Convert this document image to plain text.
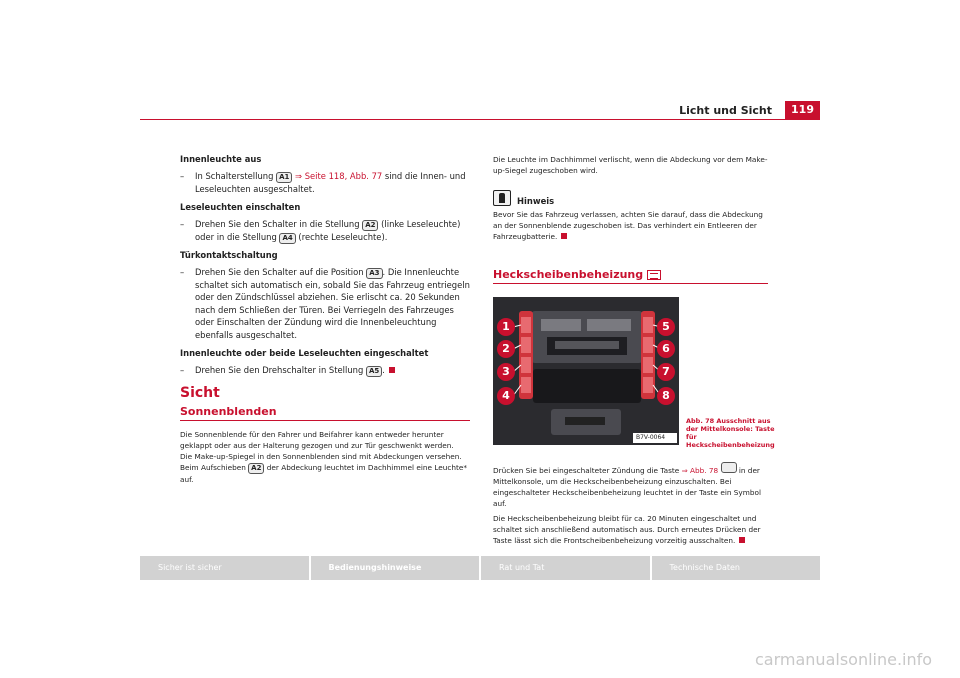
Licht und Sicht	119
Innenleuchte aus
– In Schalterstellung A1 ⇒ Seite 118, Abb. 77 sind die Innen- und Leseleuchten ausgeschaltet.
Leseleuchten einschalten
– Drehen Sie den Schalter in die Stellung A2 (linke Leseleuchte) oder in die Stellung A4 (rechte Leseleuchte).
Türkontaktschaltung
– Drehen Sie den Schalter auf die Position A3 . Die Innenleuchte schaltet sich automatisch ein, sobald Sie das Fahrzeug entriegeln oder den Zündschlüssel abziehen. Sie erlischt ca. 20 Sekunden nach dem Schließen der Türen. Bei Verriegeln des Fahrzeuges oder Einschalten der Zündung wird die Innenbeleuchtung ebenfalls ausgeschaltet.
Innenleuchte oder beide Leseleuchten eingeschaltet
– Drehen Sie den Drehschalter in Stellung A5 .
Sicht
Sonnenblenden

Die Sonnenblende für den Fahrer und Beifahrer kann entweder herunter geklappt oder aus der Halterung gezogen und zur Tür geschwenkt werden.

Die Make-up-Spiegel in den Sonnenblenden sind mit Abdeckungen versehen. Beim Aufschieben A2 der Abdeckung leuchtet im Dachhimmel eine Leuchte* auf.

Die Leuchte im Dachhimmel verlischt, wenn die Abdeckung vor dem Make-up-Siegel zugeschoben wird.
Hinweis
Bevor Sie das Fahrzeug verlassen, achten Sie darauf, dass die Abdeckung an der Sonnenblende zugeschoben ist. Das verhindert ein Entleeren der Fahrzeugbatterie.
Heckscheibenbeheizung
B7V-0064
1
2
3
4
5
6
7
8
Abb. 78 Ausschnitt aus der Mittelkonsole: Taste für Heckscheibenbeheizung
Drücken Sie bei eingeschalteter Zündung die Taste ⇒ Abb. 78	in der Mittelkonsole, um die Heckscheibenbeheizung einzuschalten. Bei eingeschalteter Heckscheibenbeheizung leuchtet in der Taste ein Symbol auf.
Die Heckscheibenbeheizung bleibt für ca. 20 Minuten eingeschaltet und schaltet sich anschließend automatisch aus. Durch erneutes Drücken der Taste lässt sich die Frontscheibenbeheizung vorzeitig ausschalten.
Sicher ist sicher	Bedienungshinweise	Rat und Tat	Technische Daten
carmanualsonline.info
